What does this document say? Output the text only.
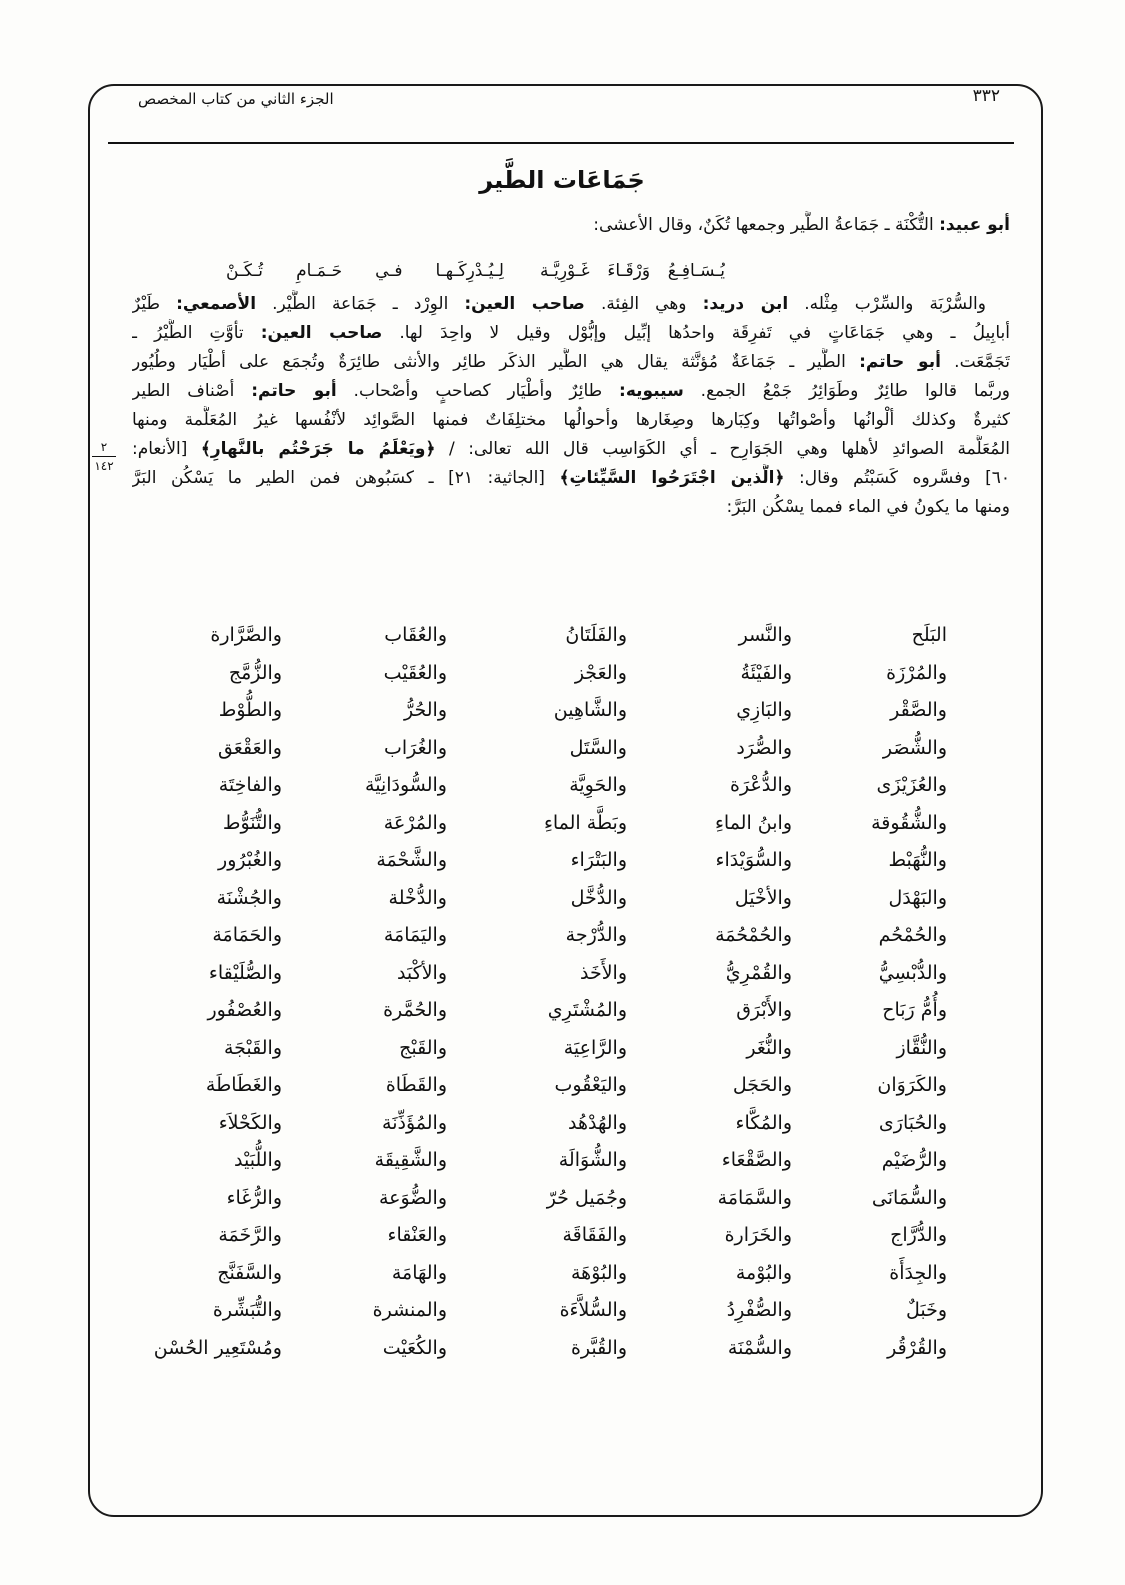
الجزء الثاني من كتاب المخصص	٣٣٢
جَمَاعَات الطَّير
أبو عبيد: التُّكْنَة ـ جَمَاعةُ الطَّير وجمعها تُكَنٌ، وقال الأعشى:
يُـسَـافِـعُ وَرْقَـاءَ غَـوْرِيَّـة
لِـيُـدْرِكَـهـا فـي حَـمَـامِ تُـكَـنْ
والسُّرْبَة والسِّرْب مِثْله. ابن دريد: وهي الفِئة. صاحب العين: الوِرْد ـ جَمَاعة الطَّيْر. الأصمعي: طَيْرٌ
أبابِيلُ ـ وهي جَمَاعَاتٍ في تَفرِقَة واحدُها إبِّيل وإبُّوْل وقيل لا واحِدَ لها. صاحب العين: تأوَّتِ الطَّيْرُ ـ
تَجَمَّعَت. أبو حاتم: الطَّير ـ جَمَاعَةٌ مُؤنَّثة يقال هي الطَّير الذكَر طائِر والأنثى طائِرَةٌ وتُجمَع على أطْيَار وطُيُور
وربَّما قالوا طائِرٌ وطَوَائِرُ جَمْعُ الجمع. سيبويه: طائِرٌ وأطْيَار كصاحبٍ وأصْحاب. أبو حاتم: أصْناف الطير
كثيرةٌ وكذلك ألْوانُها وأصْواتُها وكِبَارها وصِغَارها وأحوالُها مختلِفَاتٌ فمنها الصَّوائِد لأنْفُسها غيرُ المُعَلَّمة ومنها
المُعَلَّمة الصوائدِ لأهلها وهي الجَوَارِح ـ أي الكَوَاسِب قال الله تعالى: / ﴿ويَعْلَمُ ما جَرَحْتُم بالنَّهارِ﴾ [الأنعام:
٦٠] وفسَّروه كَسَبْتُم وقال: ﴿الَّذين اجْتَرَحُوا السَّيِّئاتِ﴾ [الجاثية: ٢١] ـ كسَبُوهن فمن الطير ما يَسْكُن البَرَّ
ومنها ما يكونُ في الماء فمما يسْكُن البَرَّ:
٢
١٤٢
البَلَح
والنَّسر
والفَلَتَانُ
والعُقَاب
والصَّرَّارة
والمُرْزَة
والفَيْئَةُ
والعَجْز
والعُقَيْب
والزُّمَّج
والصَّقْر
والبَازِي
والشَّاهِين
والحُرُّ
والطُّوْط
والشُّصَر
والصُّرَد
والسَّتَل
والغُرَاب
والعَقْعَق
والعُزَيْزَى
والدُّعْرَة
والحَوِيَّة
والسُّودَانِيَّة
والفاخِتَة
والشُّقُوقة
وابنُ الماءِ
وبَطَّة الماءِ
والمُرْعَة
والتُّنَوُّط
والنُّهَبْط
والسُّوَيْدَاء
والبَتْرَاء
والشَّحْمَة
والغُبْرُور
والبَهْدَل
والأخْيَل
والدُّخَّل
والدُّخْلة
والجُشْنَة
والحُمْحُم
والحُمْحُمَة
والدُّرْجة
واليَمَامَة
والحَمَامَة
والدُّبْسِيُّ
والقُمْرِيُّ
والأَخَذ
والأكْبَد
والصُّلَيْقاء
وأُمُّ رَبَاح
والأَبْرَق
والمُشْتَرِي
والحُمَّرة
والعُصْفُور
والنُّقَّاز
والنُّغَر
والرَّاعِيَة
والقَبْج
والقَبْجَة
والكَرَوَان
والحَجَل
واليَعْقُوب
والقَطَاة
والغَطَاطَة
والحُبَارَى
والمُكَّاء
والهُدْهُد
والمُؤَذِّنَة
والكَحْلاَء
والرُّضَيْم
والصَّقْعَاء
والشُّوَالَة
والشَّقِيقَة
واللُّبَيْد
والسُّمَانَى
والسَّمَامَة
وجُمَيل حُرّ
والضُّوَعة
والرُّغَاء
والدُّرَّاج
والخَرَارة
والفَقَاقَة
والعَنْقاء
والرَّخَمَة
والجِدَأَة
والبُوْمة
والبُوْهَة
والهَامَة
والسَّفَنَّج
وخَبَلٌ
والصُّفْرِدُ
والسُّلاَّءَة
والمنشرة
والتُّبَشِّرة
والقُرْقُر
والسُّمْنَة
والقُبَّرة
والكُعَيْت
ومُسْتَعِير الحُسْن
